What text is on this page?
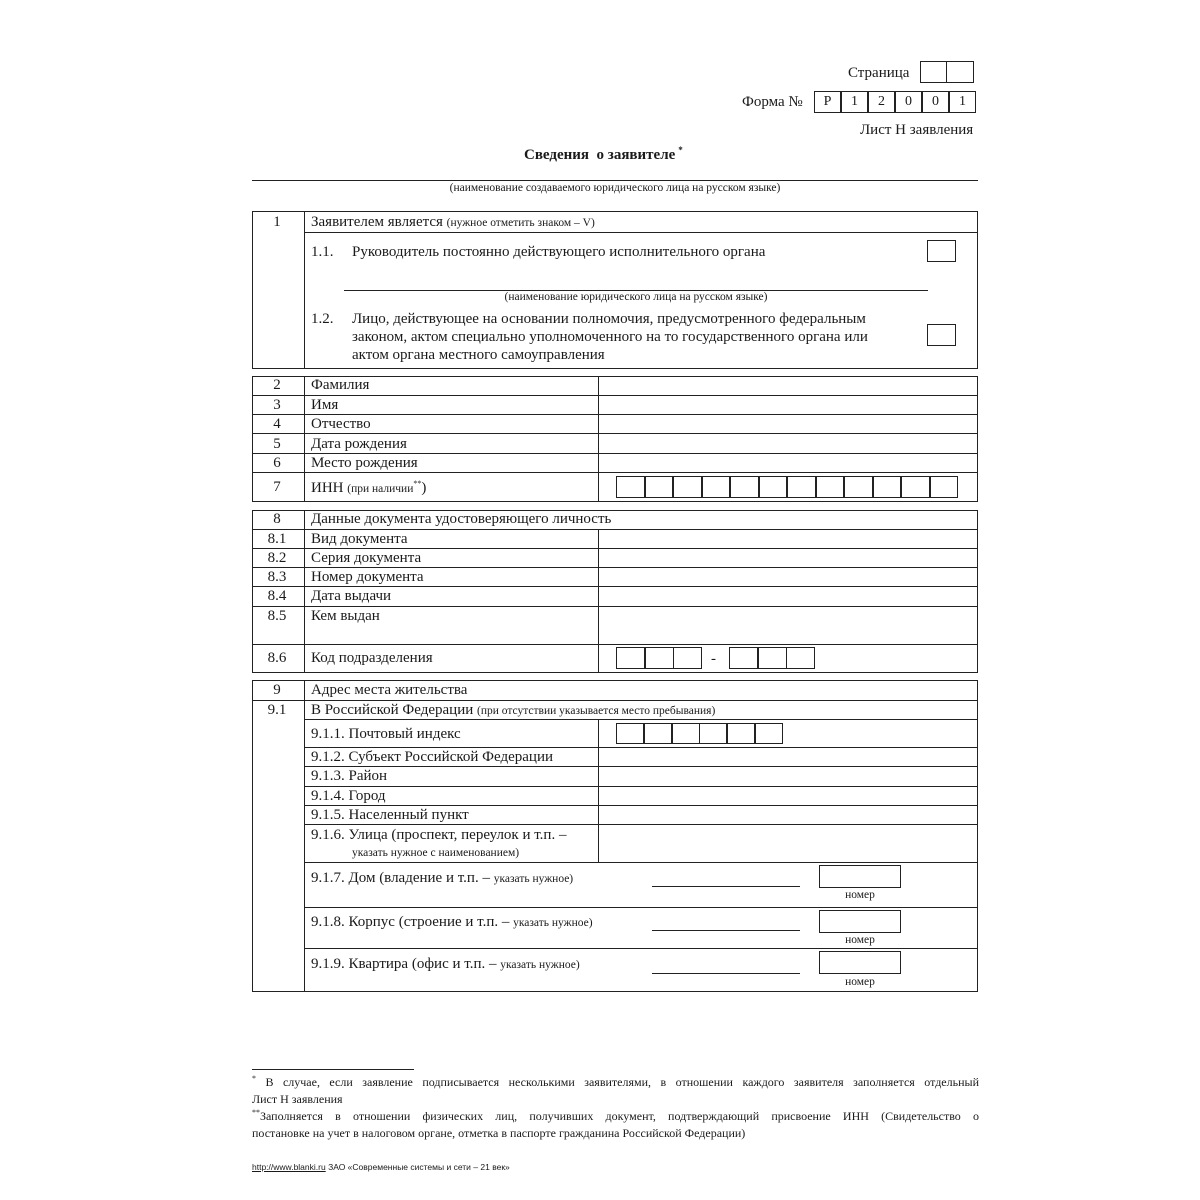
Страница
Форма №	Р	1	2	0	0	1
Лист Н заявления
Сведения  о заявителе *
(наименование создаваемого юридического лица на русском языке)
1	Заявителем является (нужное отметить знаком – V)
1.1. Руководитель постоянно действующего исполнительного органа
(наименование юридического лица на русском языке)
1.2. Лицо, действующее на основании полномочия, предусмотренного федеральным
законом, актом специально уполномоченного на то государственного органа или
актом органа местного самоуправления
2	Фамилия
3	Имя
4	Отчество
5	Дата рождения
6	Место рождения
7	ИНН (при наличии**)
8	Данные документа удостоверяющего личность
8.1	Вид документа
8.2	Серия документа
8.3	Номер документа
8.4	Дата выдачи
8.5	Кем выдан
8.6	Код подразделения	-
9	Адрес места жительства
9.1	В Российской Федерации (при отсутствии указывается место пребывания)
9.1.1. Почтовый индекс
9.1.2. Субъект Российской Федерации
9.1.3. Район
9.1.4. Город
9.1.5. Населенный пункт
9.1.6. Улица (проспект, переулок и т.п. –
указать нужное с наименованием)
9.1.7. Дом (владение и т.п. – указать нужное)
номер
9.1.8. Корпус (строение и т.п. – указать нужное)
номер
9.1.9. Квартира (офис и т.п. – указать нужное)
номер
* В случае, если заявление подписывается несколькими заявителями, в отношении каждого заявителя заполняется отдельный
Лист Н заявления
**Заполняется в отношении физических лиц, получивших документ, подтверждающий присвоение ИНН (Свидетельство о
постановке на учет в налоговом органе, отметка в паспорте гражданина Российской Федерации)
http://www.blanki.ru ЗАО «Современные системы и сети – 21 век»
